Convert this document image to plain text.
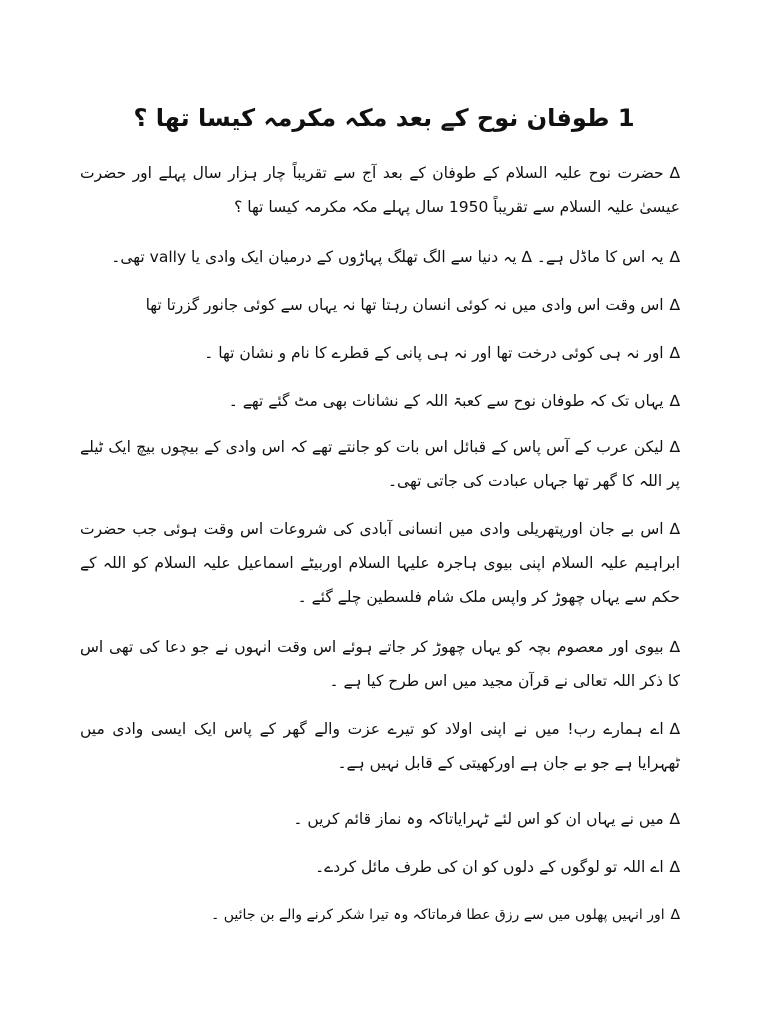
1 طوفان نوح کے بعد مکہ مکرمہ کیسا تھا ؟
∆حضرت نوح علیہ السلام کے طوفان کے بعد آج سے تقریباً چار ہزار سال پہلے اور حضرت عیسیٰ علیہ السلام سے تقریباً 1950 سال پہلے مکہ مکرمہ کیسا تھا ؟
∆یہ اس کا ماڈل ہے۔ ∆ یہ دنیا سے الگ تھلگ پہاڑوں کے درمیان ایک وادی یا vally تھی۔
∆اس وقت اس وادی میں نہ کوئی انسان رہتا تھا نہ یہاں سے کوئی جانور گزرتا تھا
∆اور نہ ہی کوئی درخت تھا اور نہ ہی پانی کے قطرے کا نام و نشان تھا ۔
∆یہاں تک کہ طوفان نوح سے کعبۃ اللہ کے نشانات بھی مٹ گئے تھے ۔
∆لیکن عرب کے آس پاس کے قبائل اس بات کو جانتے تھے کہ اس وادی کے بیچوں بیچ ایک ٹیلے پر اللہ کا گھر تھا جہاں عبادت کی جاتی تھی۔
∆اس بے جان اورپتھریلی وادی میں انسانی آبادی کی شروعات اس وقت ہوئی جب حضرت ابراہیم علیہ السلام اپنی بیوی ہاجرہ علیہا السلام اوربیٹے اسماعیل علیہ السلام کو اللہ کے حکم سے یہاں چھوڑ کر واپس ملک شام فلسطین چلے گئے ۔
∆بیوی اور معصوم بچہ کو یہاں چھوڑ کر جاتے ہوئے اس وقت انہوں نے جو دعا کی تھی اس کا ذکر اللہ تعالی نے قرآن مجید میں اس طرح کیا ہے ۔
∆اے ہمارے رب! میں نے اپنی اولاد کو تیرے عزت والے گھر کے پاس ایک ایسی وادی میں ٹھہرایا ہے جو بے جان ہے اورکھیتی کے قابل نہیں ہے۔
∆میں نے یہاں ان کو اس لئے ٹہرایاتاکہ وہ نماز قائم کریں ۔
∆اے اللہ تو لوگوں کے دلوں کو ان کی طرف مائل کردے۔
∆اور انہیں پھلوں میں سے رزق عطا فرماتاکہ وہ تیرا شکر کرنے والے بن جائیں ۔
